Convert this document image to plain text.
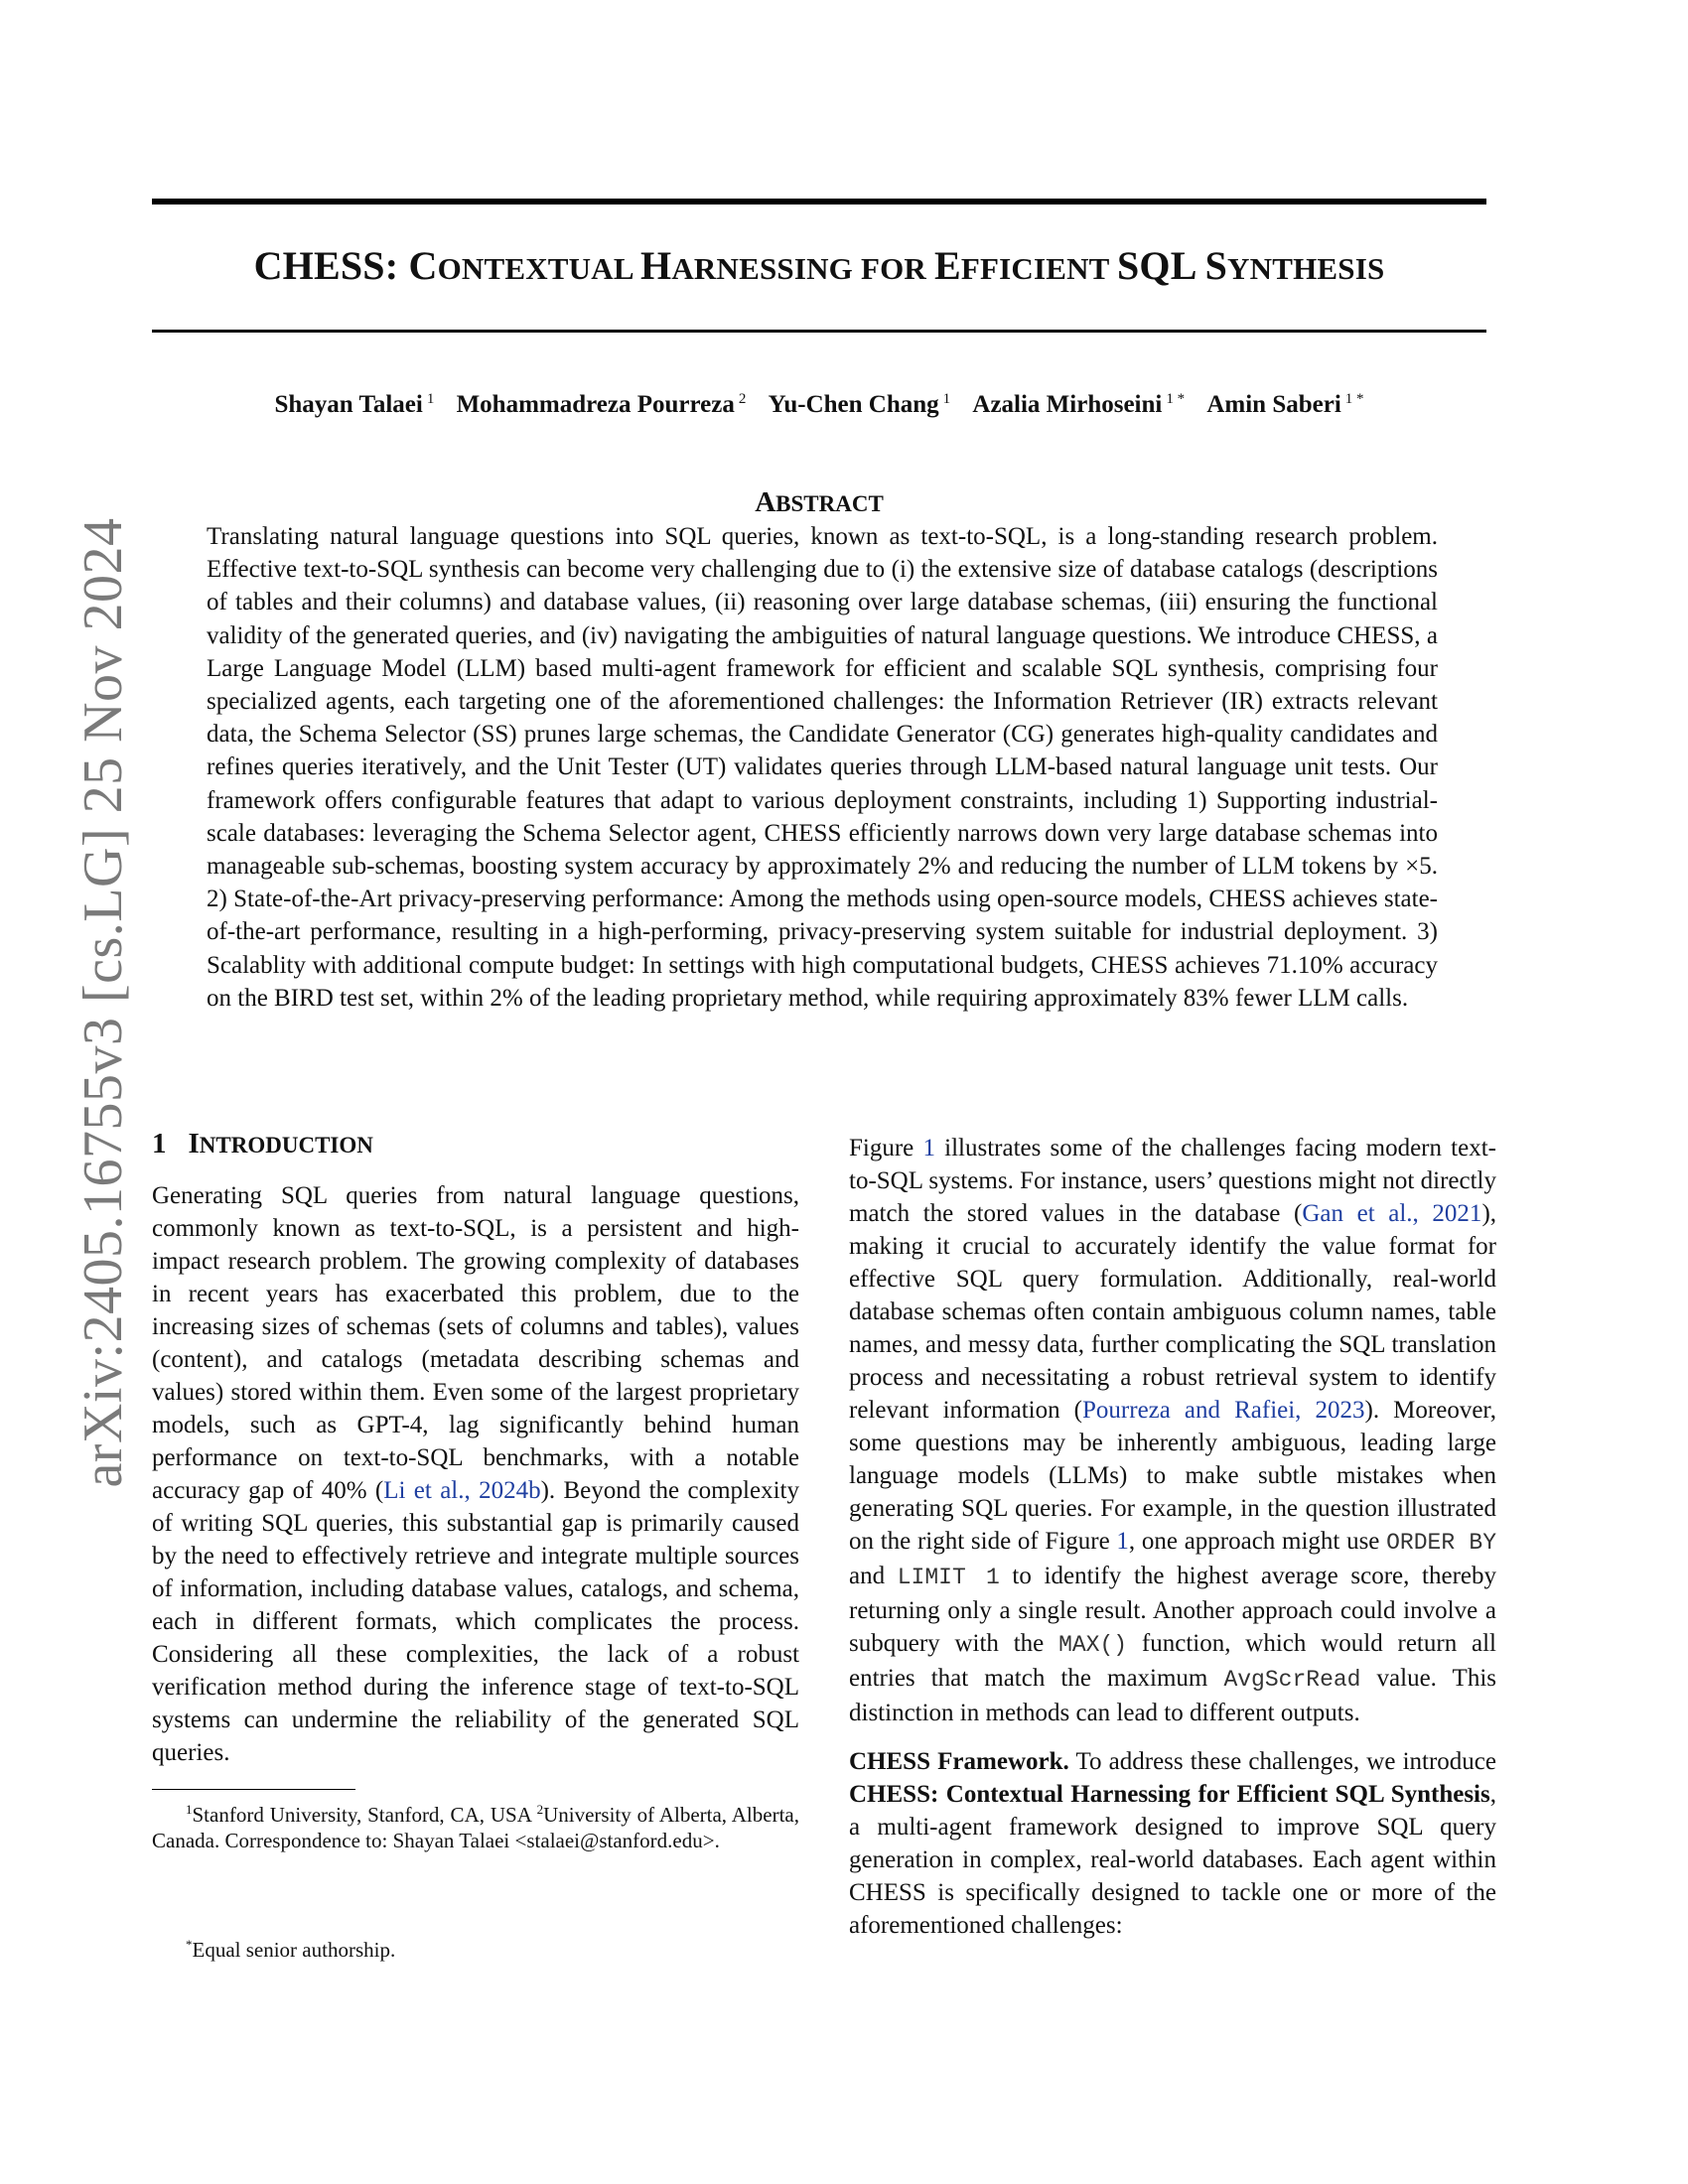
arXiv:2405.16755v3 [cs.LG] 25 Nov 2024
CHESS: CONTEXTUAL HARNESSING FOR EFFICIENT SQL SYNTHESIS
Shayan Talaei $^1$ Mohammadreza Pourreza $^2$ Yu-Chen Chang $^1$ Azalia Mirhoseini $^{1 *}$ Amin Saberi $^{1 *}$
ABSTRACT
Translating natural language questions into SQL queries, known as text-to-SQL, is a long-standing research problem. Effective text-to-SQL synthesis can become very challenging due to (i) the extensive size of database catalogs (descriptions of tables and their columns) and database values, (ii) reasoning over large database schemas, (iii) ensuring the functional validity of the generated queries, and (iv) navigating the ambiguities of natural language questions. We introduce CHESS, a Large Language Model (LLM) based multi-agent framework for efficient and scalable SQL synthesis, comprising four specialized agents, each targeting one of the aforementioned challenges: the Information Retriever (IR) extracts relevant data, the Schema Selector (SS) prunes large schemas, the Candidate Generator (CG) generates high-quality candidates and refines queries iteratively, and the Unit Tester (UT) validates queries through LLM-based natural language unit tests. Our framework offers configurable features that adapt to various deployment constraints, including 1) Supporting industrial-scale databases: leveraging the Schema Selector agent, CHESS efficiently narrows down very large database schemas into manageable sub-schemas, boosting system accuracy by approximately 2% and reducing the number of LLM tokens by ×5. 2) State-of-the-Art privacy-preserving performance: Among the methods using open-source models, CHESS achieves state-of-the-art performance, resulting in a high-performing, privacy-preserving system suitable for industrial deployment. 3) Scalablity with additional compute budget: In settings with high computational budgets, CHESS achieves 71.10% accuracy on the BIRD test set, within 2% of the leading proprietary method, while requiring approximately 83% fewer LLM calls.
1 INTRODUCTION

Generating SQL queries from natural language questions, commonly known as text-to-SQL, is a persistent and high-impact research problem. The growing complexity of databases in recent years has exacerbated this problem, due to the increasing sizes of schemas (sets of columns and tables), values (content), and catalogs (metadata describing schemas and values) stored within them. Even some of the largest proprietary models, such as GPT-4, lag significantly behind human performance on text-to-SQL benchmarks, with a notable accuracy gap of 40% (Li et al., 2024b). Beyond the complexity of writing SQL queries, this substantial gap is primarily caused by the need to effectively retrieve and integrate multiple sources of information, including database values, catalogs, and schema, each in different formats, which complicates the process. Considering all these complexities, the lack of a robust verification method during the inference stage of text-to-SQL systems can undermine the reliability of the generated SQL queries.

Figure 1 illustrates some of the challenges facing modern text-to-SQL systems. For instance, users’ questions might not directly match the stored values in the database (Gan et al., 2021), making it crucial to accurately identify the value format for effective SQL query formulation. Additionally, real-world database schemas often contain ambiguous column names, table names, and messy data, further complicating the SQL translation process and necessitating a robust retrieval system to identify relevant information (Pourreza and Rafiei, 2023). Moreover, some questions may be inherently ambiguous, leading large language models (LLMs) to make subtle mistakes when generating SQL queries. For example, in the question illustrated on the right side of Figure 1, one approach might use ORDER BY and LIMIT 1 to identify the highest average score, thereby returning only a single result. Another approach could involve a subquery with the MAX() function, which would return all entries that match the maximum AvgScrRead value. This distinction in methods can lead to different outputs.

CHESS Framework. To address these challenges, we introduce CHESS: Contextual Harnessing for Efficient SQL Synthesis, a multi-agent framework designed to improve SQL query generation in complex, real-world databases. Each agent within CHESS is specifically designed to tackle one or more of the aforementioned challenges:

$^1$Stanford University, Stanford, CA, USA $^2$University of Alberta, Alberta, Canada. Correspondence to: Shayan Talaei <stalaei@stanford.edu>.
*Equal senior authorship.
